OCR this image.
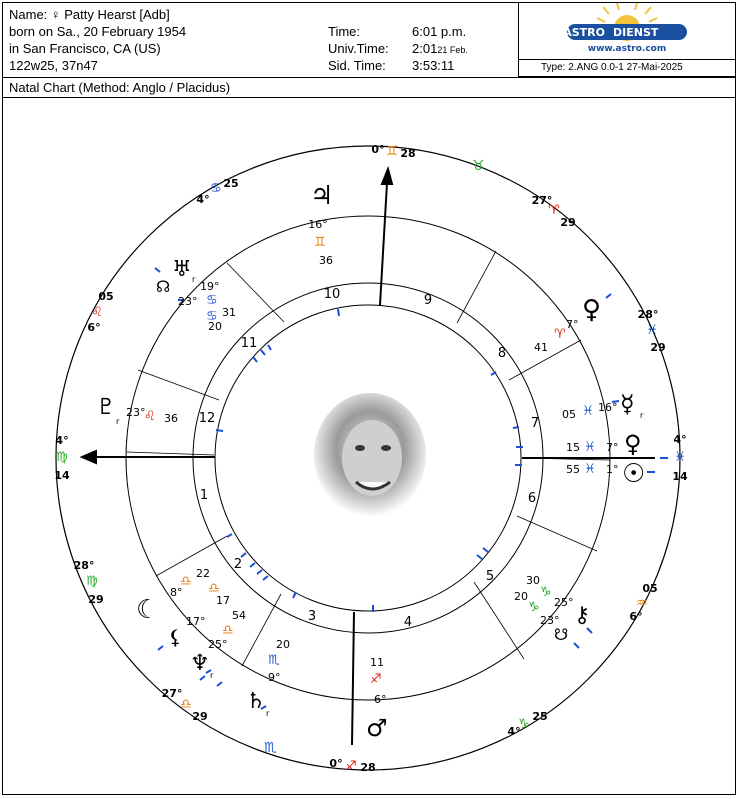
Name: ♀ Patty Hearst [Adb]
born on Sa., 20 February 1954
in San Francisco, CA (US)
122w25, 37n47
Time:	6:01 p.m.
Univ.Time: 2:0121 Feb.
Sid. Time: 3:53:11
ASTRO DIENST
www.astro.com
Type: 2.ANG 0.0-1 27-Mai-2025
Natal Chart (Method: Anglo / Placidus)
1
2
3	4
5
6
7
8
9
10
11
12
4°
♍
14
28°
♍
29
27°
♎
29
0° ♐ 28
4°
♑
25
05
♒
6°
4°
♓
14
28°
♓
29
27°
♈
29
0° ♊ 28
4°
♋ 25
05
♌
6°
♉
♏
♃
16°
♊
36
♅ r
19°
♋
20
☊
23°
♋ 31
♇
r
23°
♌ 36
☾
8°
♎
22
♎
17
17°
⚸
54
♎
25°
♆ r
20
♏
9°
♄ r
11
♐
6°
♂
30
♑
23°
☋
20
♑ 25°
⚷
41
♈
7° ♀
05 ♓ 16° ☿ r
15 ♓ 7° ♀
55 ♓ 1° ☉
